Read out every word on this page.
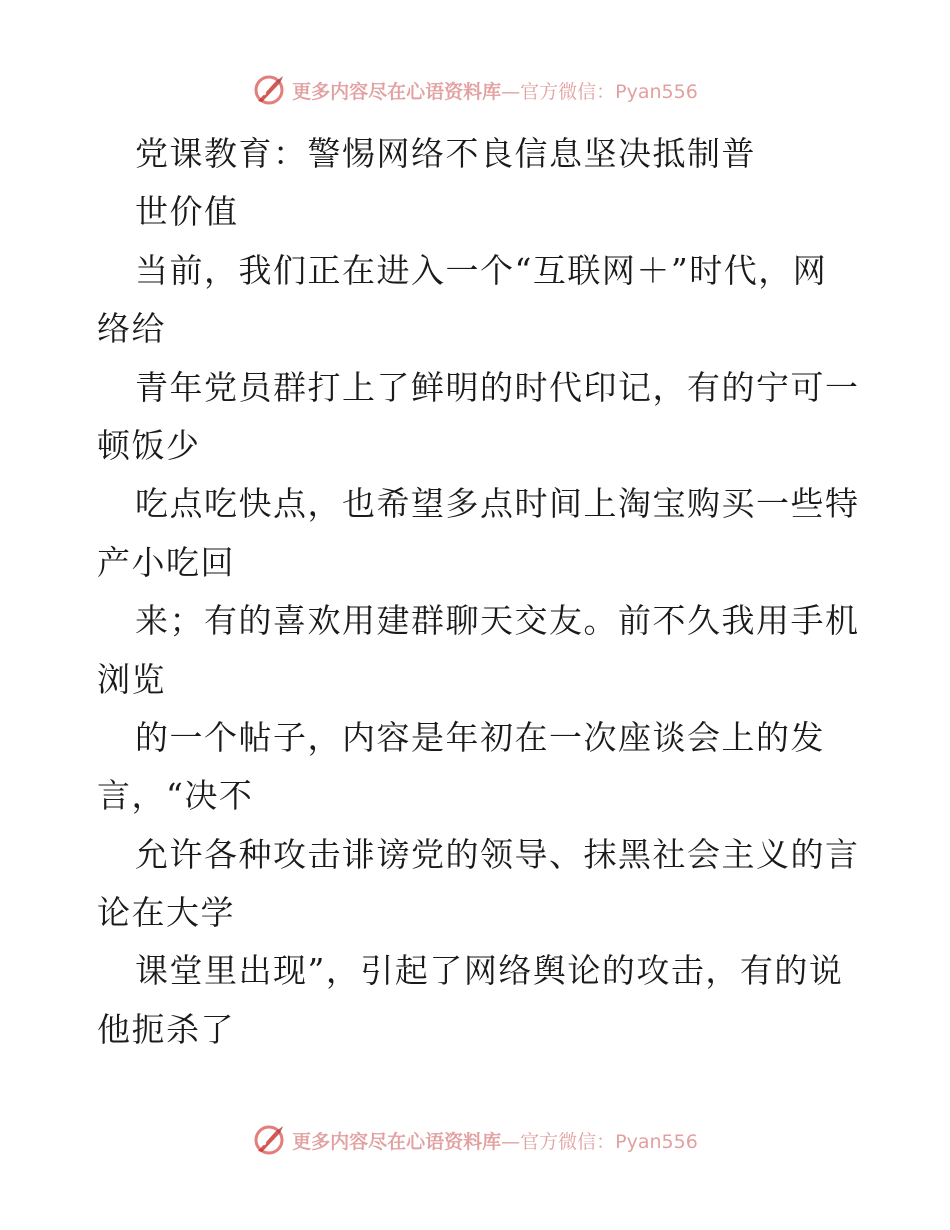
更多内容尽在心语资料库—官方微信：Pyan556
党课教育：警惕网络不良信息坚决抵制普
世价值
当前，我们正在进入一个“互联网＋”时代，网
络给
青年党员群打上了鲜明的时代印记，有的宁可一
顿饭少
吃点吃快点，也希望多点时间上淘宝购买一些特
产小吃回
来；有的喜欢用建群聊天交友。前不久我用手机
浏览
的一个帖子，内容是年初在一次座谈会上的发
言，“决不
允许各种攻击诽谤党的领导、抹黑社会主义的言
论在大学
课堂里出现”，引起了网络舆论的攻击，有的说
他扼杀了
更多内容尽在心语资料库—官方微信：Pyan556
